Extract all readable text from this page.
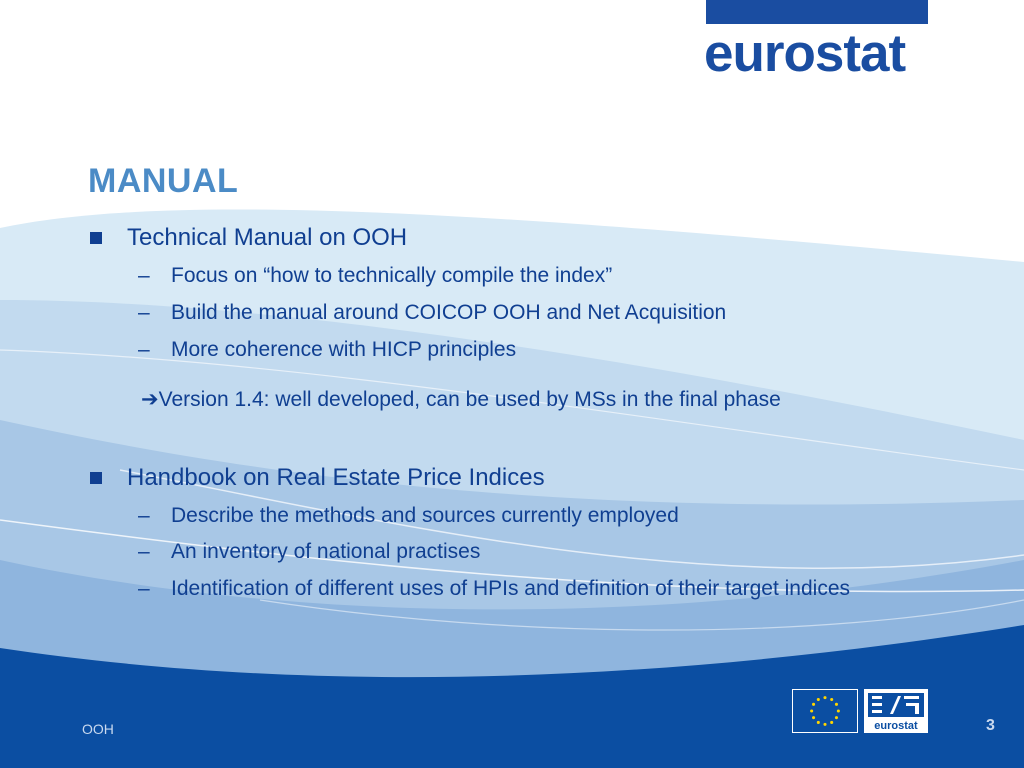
eurostat
MANUAL
Technical Manual on OOH
– Focus on “how to technically compile the index”
– Build the manual around COICOP OOH and Net Acquisition
– More coherence with HICP principles
➔Version 1.4: well developed, can be used by MSs in the final phase
Handbook on Real Estate Price Indices
– Describe the methods and sources currently employed
– An inventory of national practises
– Identification of different uses of HPIs and definition of their target indices
OOH	eurostat	3
